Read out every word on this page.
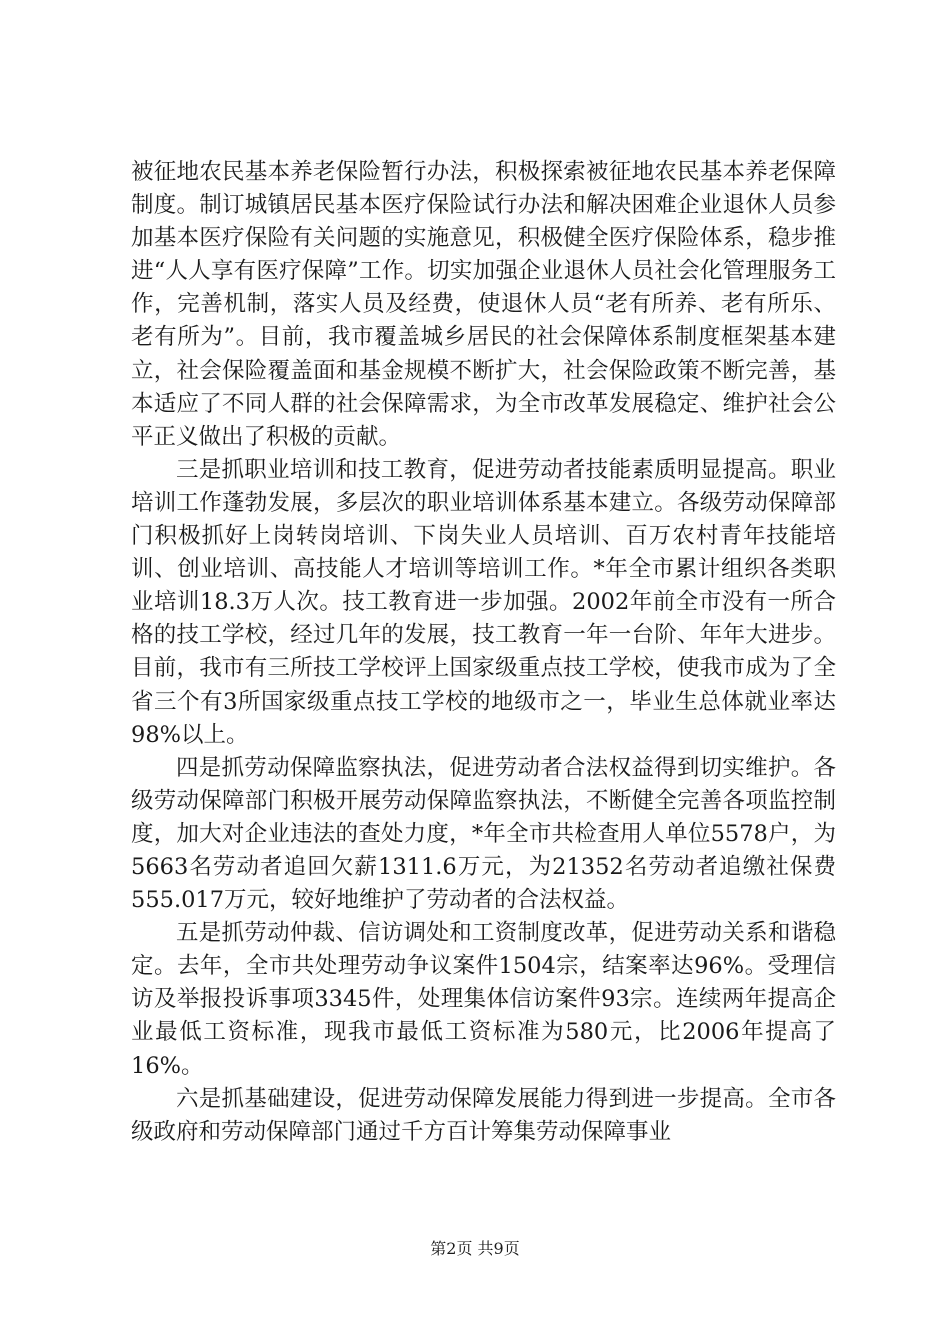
被征地农民基本养老保险暂行办法，积极探索被征地农民基本养老保障制度。制订城镇居民基本医疗保险试行办法和解决困难企业退休人员参加基本医疗保险有关问题的实施意见，积极健全医疗保险体系，稳步推进“人人享有医疗保障”工作。切实加强企业退休人员社会化管理服务工作，完善机制，落实人员及经费，使退休人员“老有所养、老有所乐、老有所为”。目前，我市覆盖城乡居民的社会保障体系制度框架基本建立，社会保险覆盖面和基金规模不断扩大，社会保险政策不断完善，基本适应了不同人群的社会保障需求，为全市改革发展稳定、维护社会公平正义做出了积极的贡献。

三是抓职业培训和技工教育，促进劳动者技能素质明显提高。职业培训工作蓬勃发展，多层次的职业培训体系基本建立。各级劳动保障部门积极抓好上岗转岗培训、下岗失业人员培训、百万农村青年技能培训、创业培训、高技能人才培训等培训工作。*年全市累计组织各类职业培训18.3万人次。技工教育进一步加强。2002年前全市没有一所合格的技工学校，经过几年的发展，技工教育一年一台阶、年年大进步。目前，我市有三所技工学校评上国家级重点技工学校，使我市成为了全省三个有3所国家级重点技工学校的地级市之一，毕业生总体就业率达98%以上。

四是抓劳动保障监察执法，促进劳动者合法权益得到切实维护。各级劳动保障部门积极开展劳动保障监察执法，不断健全完善各项监控制度，加大对企业违法的查处力度，*年全市共检查用人单位5578户，为5663名劳动者追回欠薪1311.6万元，为21352名劳动者追缴社保费555.017万元，较好地维护了劳动者的合法权益。

五是抓劳动仲裁、信访调处和工资制度改革，促进劳动关系和谐稳定。去年，全市共处理劳动争议案件1504宗，结案率达96%。受理信访及举报投诉事项3345件，处理集体信访案件93宗。连续两年提高企业最低工资标准，现我市最低工资标准为580元，比2006年提高了16%。

六是抓基础建设，促进劳动保障发展能力得到进一步提高。全市各级政府和劳动保障部门通过千方百计筹集劳动保障事业

第2页 共9页
